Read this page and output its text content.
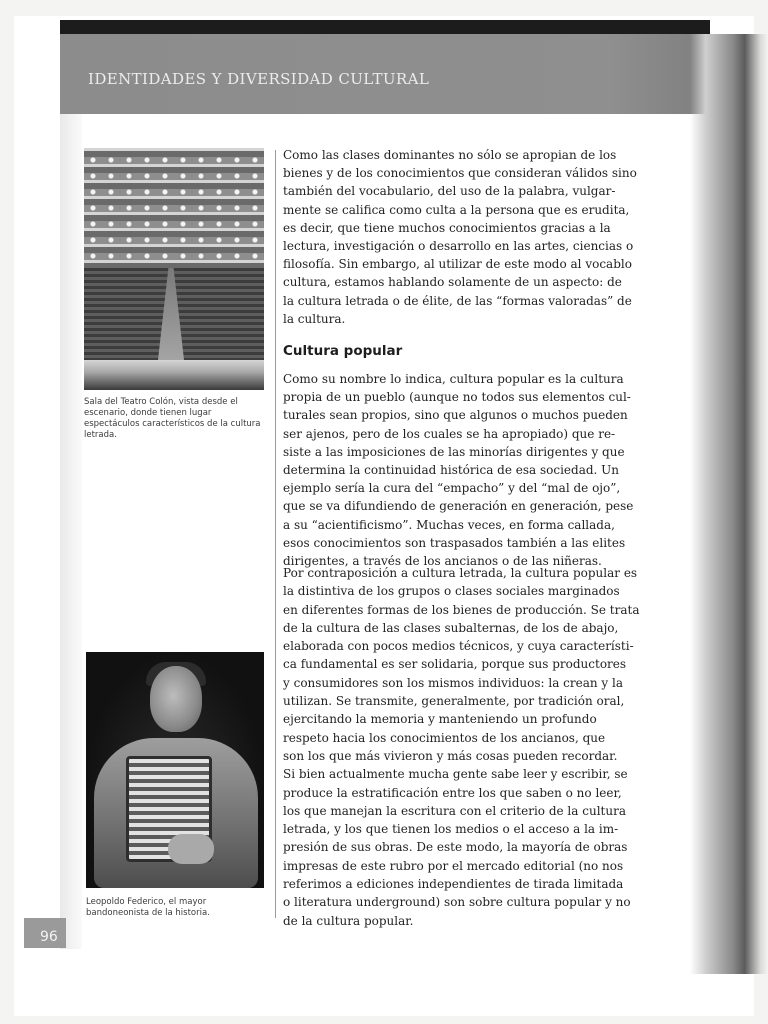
IDENTIDADES Y DIVERSIDAD CULTURAL
Sala del Teatro Colón, vista desde el escenario, donde tienen lugar espectáculos característicos de la cultura letrada.
Leopoldo Federico, el mayor bandoneonista de la historia.
Como las clases dominantes no sólo se apropian de los
bienes y de los conocimientos que consideran válidos sino
también del vocabulario, del uso de la palabra, vulgar-
mente se califica como culta a la persona que es erudita,
es decir, que tiene muchos conocimientos gracias a la
lectura, investigación o desarrollo en las artes, ciencias o
filosofía. Sin embargo, al utilizar de este modo al vocablo
cultura, estamos hablando solamente de un aspecto: de
la cultura letrada o de élite, de las “formas valoradas” de
la cultura.
Cultura popular
Como su nombre lo indica, cultura popular es la cultura
propia de un pueblo (aunque no todos sus elementos cul-
turales sean propios, sino que algunos o muchos pueden
ser ajenos, pero de los cuales se ha apropiado) que re-
siste a las imposiciones de las minorías dirigentes y que
determina la continuidad histórica de esa sociedad. Un
ejemplo sería la cura del “empacho” y del “mal de ojo”,
que se va difundiendo de generación en generación, pese
a su “acientificismo”. Muchas veces, en forma callada,
esos conocimientos son traspasados también a las elites
dirigentes, a través de los ancianos o de las niñeras.
Por contraposición a cultura letrada, la cultura popular es
la distintiva de los grupos o clases sociales marginados
en diferentes formas de los bienes de producción. Se trata
de la cultura de las clases subalternas, de los de abajo,
elaborada con pocos medios técnicos, y cuya característi-
ca fundamental es ser solidaria, porque sus productores
y consumidores son los mismos individuos: la crean y la
utilizan. Se transmite, generalmente, por tradición oral,
ejercitando la memoria y manteniendo un profundo
respeto hacia los conocimientos de los ancianos, que
son los que más vivieron y más cosas pueden recordar.
Si bien actualmente mucha gente sabe leer y escribir, se
produce la estratificación entre los que saben o no leer,
los que manejan la escritura con el criterio de la cultura
letrada, y los que tienen los medios o el acceso a la im-
presión de sus obras. De este modo, la mayoría de obras
impresas de este rubro por el mercado editorial (no nos
referimos a ediciones independientes de tirada limitada
o literatura underground) son sobre cultura popular y no
de la cultura popular.
96
